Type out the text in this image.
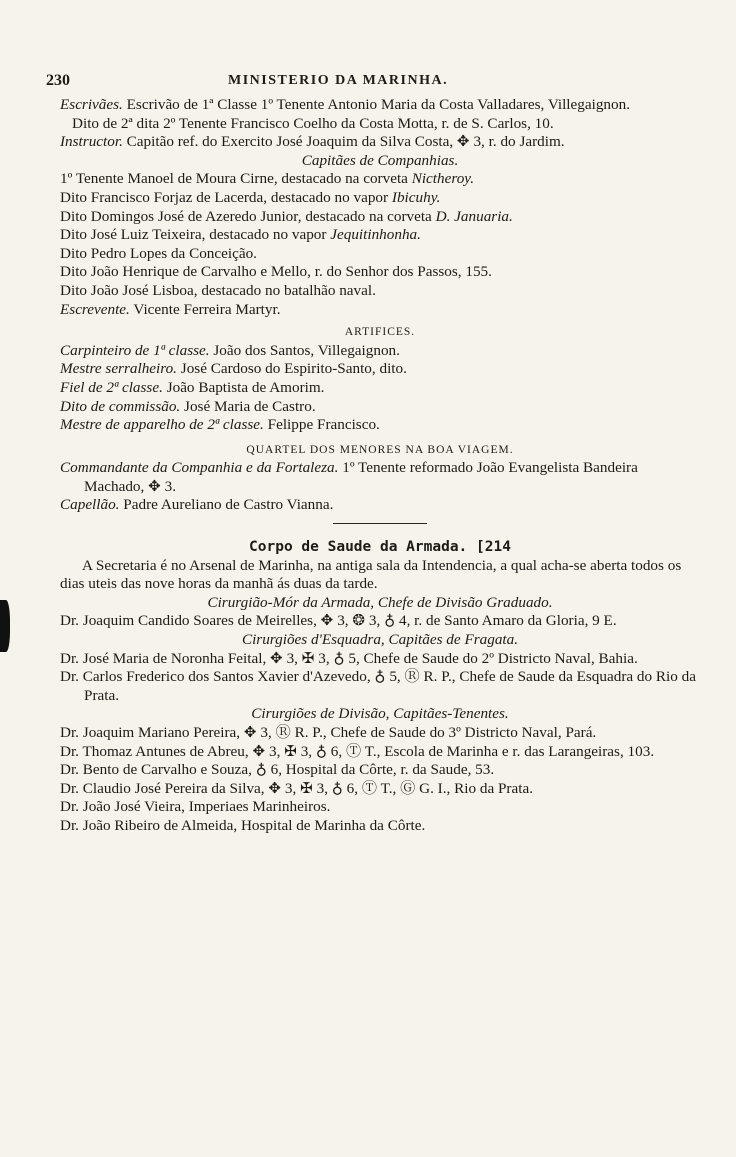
230	MINISTERIO DA MARINHA.

Escrivães. Escrivão de 1ª Classe 1º Tenente Antonio Maria da Costa Valladares, Villegaignon.

Dito de 2ª dita 2º Tenente Francisco Coelho da Costa Motta, r. de S. Carlos, 10.

Instructor. Capitão ref. do Exercito José Joaquim da Silva Costa, ✥ 3, r. do Jardim.

Capitães de Companhias.

1º Tenente Manoel de Moura Cirne, destacado na corveta Nictheroy.

Dito Francisco Forjaz de Lacerda, destacado no vapor Ibicuhy.

Dito Domingos José de Azeredo Junior, destacado na corveta D. Januaria.

Dito José Luiz Teixeira, destacado no vapor Jequitinhonha.

Dito Pedro Lopes da Conceição.

Dito João Henrique de Carvalho e Mello, r. do Senhor dos Passos, 155.

Dito João José Lisboa, destacado no batalhão naval.

Escrevente. Vicente Ferreira Martyr.

ARTIFICES.

Carpinteiro de 1ª classe. João dos Santos, Villegaignon.

Mestre serralheiro. José Cardoso do Espirito-Santo, dito.

Fiel de 2ª classe. João Baptista de Amorim.

Dito de commissão. José Maria de Castro.

Mestre de apparelho de 2ª classe. Felippe Francisco.

QUARTEL DOS MENORES NA BOA VIAGEM.

Commandante da Companhia e da Fortaleza. 1º Tenente reformado João Evangelista Bandeira Machado, ✥ 3.

Capellão. Padre Aureliano de Castro Vianna.

Corpo de Saude da Armada. [214

A Secretaria é no Arsenal de Marinha, na antiga sala da Intendencia, a qual acha-se aberta todos os dias uteis das nove horas da manhã ás duas da tarde.

Cirurgião-Mór da Armada, Chefe de Divisão Graduado.

Dr. Joaquim Candido Soares de Meirelles, ✥ 3, ❂ 3, ♁ 4, r. de Santo Amaro da Gloria, 9 E.

Cirurgiões d'Esquadra, Capitães de Fragata.

Dr. José Maria de Noronha Feital, ✥ 3, ✠ 3, ♁ 5, Chefe de Saude do 2º Districto Naval, Bahia.

Dr. Carlos Frederico dos Santos Xavier d'Azevedo, ♁ 5, Ⓡ R. P., Chefe de Saude da Esquadra do Rio da Prata.

Cirurgiões de Divisão, Capitães-Tenentes.

Dr. Joaquim Mariano Pereira, ✥ 3, Ⓡ R. P., Chefe de Saude do 3º Districto Naval, Pará.

Dr. Thomaz Antunes de Abreu, ✥ 3, ✠ 3, ♁ 6, Ⓣ T., Escola de Marinha e r. das Larangeiras, 103.

Dr. Bento de Carvalho e Souza, ♁ 6, Hospital da Côrte, r. da Saude, 53.

Dr. Claudio José Pereira da Silva, ✥ 3, ✠ 3, ♁ 6, Ⓣ T., Ⓖ G. I., Rio da Prata.

Dr. João José Vieira, Imperiaes Marinheiros.

Dr. João Ribeiro de Almeida, Hospital de Marinha da Côrte.
